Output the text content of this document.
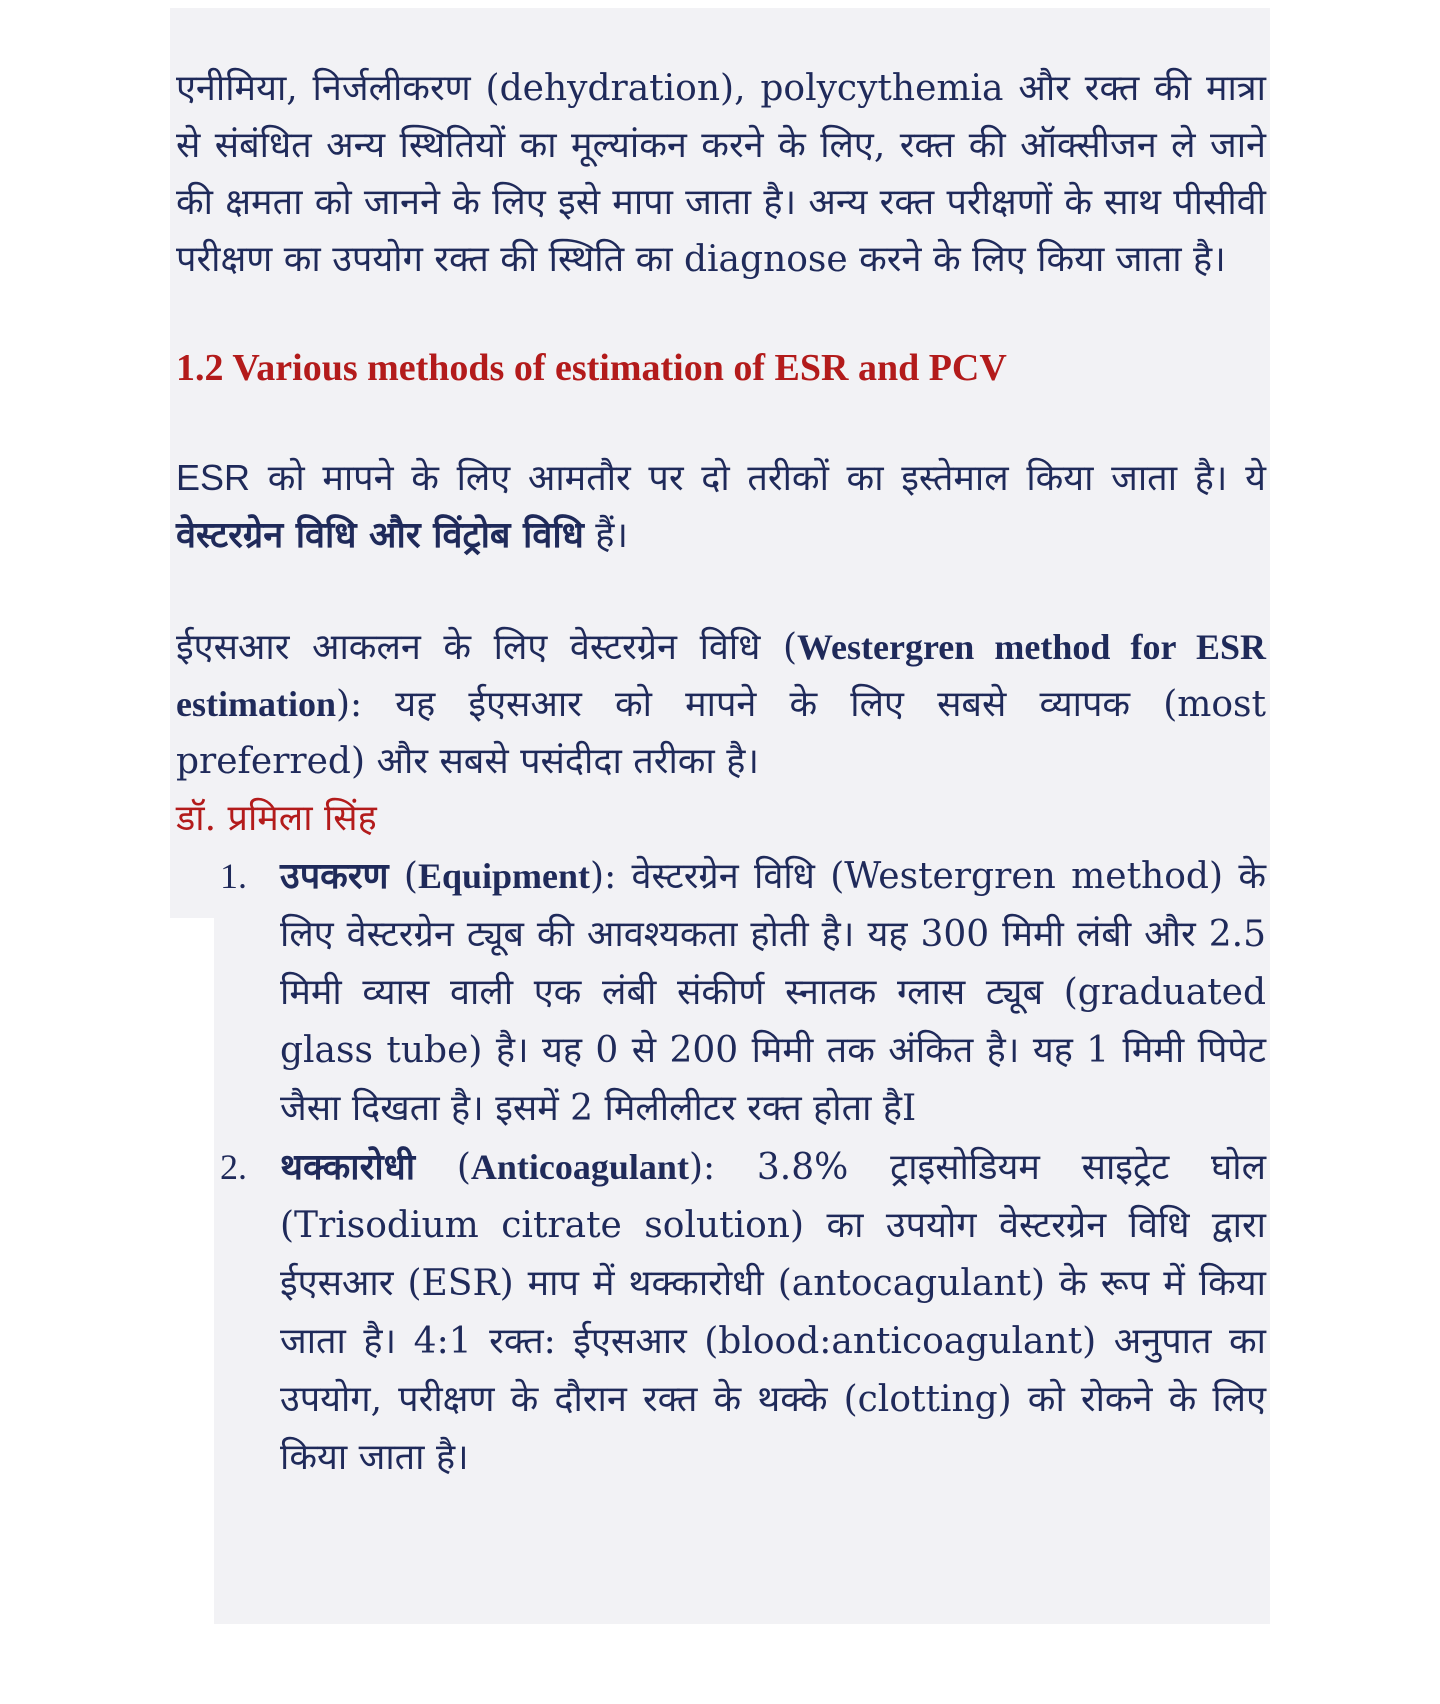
एनीमिया, निर्जलीकरण (dehydration), polycythemia और रक्त की मात्रा से संबंधित अन्य स्थितियों का मूल्यांकन करने के लिए, रक्त की ऑक्सीजन ले जाने की क्षमता को जानने के लिए इसे मापा जाता है। अन्य रक्त परीक्षणों के साथ पीसीवी परीक्षण का उपयोग रक्त की स्थिति का diagnose करने के लिए किया जाता है।

1.2 Various methods of estimation of ESR and PCV

ESR को मापने के लिए आमतौर पर दो तरीकों का इस्तेमाल किया जाता है। ये वेस्टरग्रेन विधि और विंट्रोब विधि हैं।

ईएसआर आकलन के लिए वेस्टरग्रेन विधि (Westergren method for ESR estimation): यह ईएसआर को मापने के लिए सबसे व्यापक (most preferred) और सबसे पसंदीदा तरीका है।

डॉ. प्रमिला सिंह

1. उपकरण (Equipment): वेस्टरग्रेन विधि (Westergren method) के लिए वेस्टरग्रेन ट्यूब की आवश्यकता होती है। यह 300 मिमी लंबी और 2.5 मिमी व्यास वाली एक लंबी संकीर्ण स्नातक ग्लास ट्यूब (graduated glass tube) है। यह 0 से 200 मिमी तक अंकित है। यह 1 मिमी पिपेट जैसा दिखता है। इसमें 2 मिलीलीटर रक्त होता हैI
2. थक्कारोधी (Anticoagulant): 3.8% ट्राइसोडियम साइट्रेट घोल (Trisodium citrate solution) का उपयोग वेस्टरग्रेन विधि द्वारा ईएसआर (ESR) माप में थक्कारोधी (antocagulant) के रूप में किया जाता है। 4:1 रक्त: ईएसआर (blood:anticoagulant) अनुपात का उपयोग, परीक्षण के दौरान रक्त के थक्के (clotting) को रोकने के लिए किया जाता है।
